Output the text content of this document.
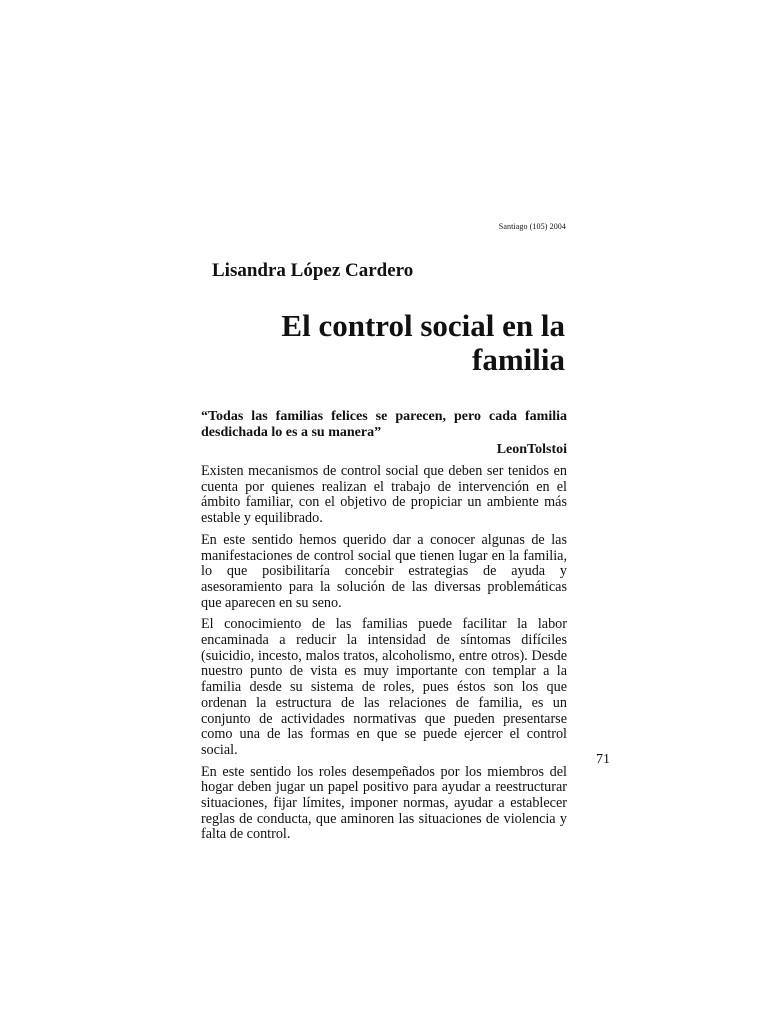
Santiago (105) 2004
Lisandra López Cardero
El control social en la
familia

“Todas las familias felices se parecen, pero cada familia desdichada lo es a su manera”

LeonTolstoi

Existen mecanismos de control social que deben ser tenidos en cuenta por quienes realizan el trabajo de intervención en el ámbito familiar, con el objetivo de propiciar un ambiente más estable y equilibrado.

En este sentido hemos querido dar a conocer algunas de las manifestaciones de control social que tienen lugar en la familia, lo que posibilitaría concebir estrategias de ayuda y asesoramiento para la solución de las diversas problemáticas que aparecen en su seno.

El conocimiento de las familias puede facilitar la labor encaminada a reducir la intensidad de síntomas difíciles (suicidio, incesto, malos tratos, alcoholismo, entre otros). Desde nuestro punto de vista es muy importante con templar a la familia desde su sistema de roles, pues éstos son los que ordenan la estructura de las relaciones de familia, es un conjunto de actividades normativas que pueden presentarse como una de las formas en que se puede ejercer el control social.

En este sentido los roles desempeñados por los miembros del hogar deben jugar un papel positivo para ayudar a reestructurar situaciones, fijar límites, imponer normas, ayudar a establecer reglas de conducta, que aminoren las situaciones de violencia y falta de control.

71
